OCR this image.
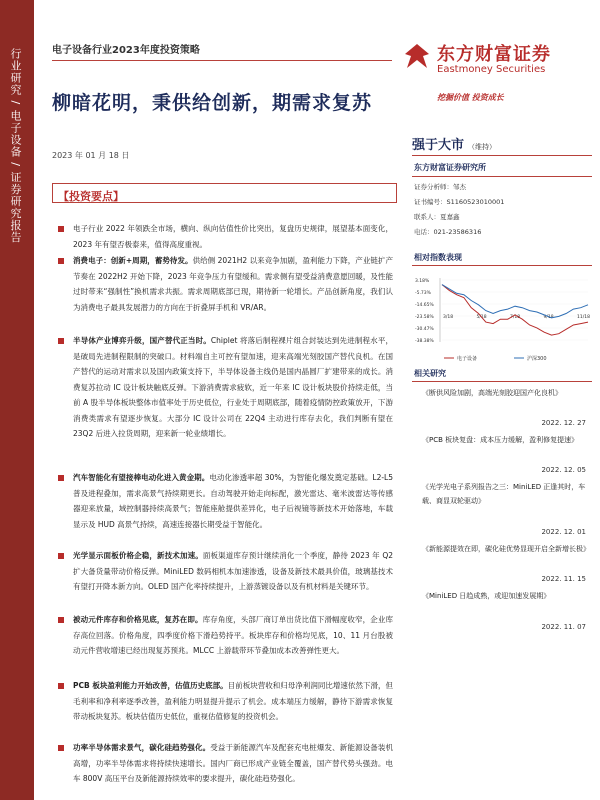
行业研究 / 电子设备 / 证券研究报告	电子设备行业2023年度投资策略
柳暗花明，秉供给创新，期需求复苏
2023 年 01 月 18 日
东方财富证券
Eastmoney Securities
挖掘价值 投资成长
【投资要点】
电子行业 2022 年领跌全市场，横向、纵向估值性价比突出，复盘历史规律，展望基本面变化，2023 年有望否极泰来，值得高度重视。
消费电子：创新+周期，蓄势待发。供给侧 2021H2 以来竞争加剧，盈利能力下降，产业链扩产节奏在 2022H2 开始下降，2023 年竞争压力有望缓和。需求侧有望受益消费意愿回暖，及性能过时带来“强制性”换机需求共振。需求周期底部已现，期待新一轮增长。产品创新角度，我们认为消费电子最具发展潜力的方向在于折叠屏手机和 VR/AR。
半导体产业博弈升级，国产替代正当时。Chiplet 将落后制程裸片组合封装达到先进制程水平，是破局先进制程限制的突破口。材料端自主可控有望加速，迎来高端光刻胶国产替代良机。在国产替代的运动对需求以及国内政策支持下，半导体设备主线仍是国内晶圆厂扩建带来的成长。消费复苏拉动 IC 设计板块触底反弹。下游消费需求疲软，近一年来 IC 设计板块股价持续走低，当前 A 股半导体板块整体市值率处于历史低位，行业处于周期底部，随着疫情防控政策放开，下游消费类需求有望逐步恢复。大部分 IC 设计公司在 22Q4 主动进行库存去化，我们判断有望在 23Q2 后进入拉货周期，迎来新一轮业绩增长。
汽车智能化有望接棒电动化进入黄金期。电动化渗透率超 30%，为智能化爆发奠定基础。L2-L5 普及进程叠加，需求高景气持续期更长。自动驾驶开始走向标配，激光雷达、毫米波雷达等传感器迎来放量，域控制器持续高景气；智能座舱提供差异化，电子后视镜等新技术开始落地，车载显示及 HUD 高景气持续，高速连接器长期受益于智能化。
光学显示面板价格企稳，新技术加速。面板渠道库存预计继续消化一个季度，静待 2023 年 Q2 扩大备货量带动价格反弹。MiniLED 数码相机本加速渗透，设备及新技术最具价值，玻璃基技术有望打开降本新方向。OLED 国产化率持续提升，上游蒸镀设备以及有机材料是关键环节。
被动元件库存和价格见底，复苏在即。库存角度，头部厂商订单出货比值下滑幅度收窄，企业库存高位回落。价格角度，四季度价格下滑趋势持平。板块库存和价格均见底，10、11 月台股被动元件营收增速已经出现复苏预兆。MLCC 上游载带环节叠加成本改善弹性更大。
PCB 板块盈利能力开始改善，估值历史底部。目前板块营收和归母净利润同比增速依然下滑，但毛利率和净利率逐季改善，盈利能力明显提升提示了机会。成本端压力缓解，静待下游需求恢复带动板块复苏。板块估值历史低位，重视估值修复的投资机会。
功率半导体需求景气，碳化硅趋势强化。受益于新能源汽车及配套充电桩爆发、新能源设备装机高增，功率半导体需求将持续快速增长。国内厂商已形成产业链全覆盖，国产替代势头强劲。电车 800V 高压平台及新能源持续效率的要求提升，碳化硅趋势强化。
强于大市 （维持）
东方财富证券研究所
证券分析师：邹杰
证书编号：S1160523010001
联系人：夏嘉鑫
电话：021-23586316
相对指数表现
3.18%
-5.73%
-14.65%
-23.58%
-30.47%
-38.38%
3/18	5/18	7/18	9/18	11/18
电子设备	沪深300
相关研究
《断供风险加剧，高端光刻胶迎国产化良机》
2022. 12. 27
《PCB 板块复盘：成本压力缓解，盈利修复提速》
2022. 12. 05
《光学光电子系列报告之三：MiniLED 正逢其时，车载、商显双轮驱动》
2022. 12. 01
《新能源提效在即，碳化硅优势显现开启全新增长极》
2022. 11. 15
《MiniLED 日趋成熟，或迎加速发展期》
2022. 11. 07
